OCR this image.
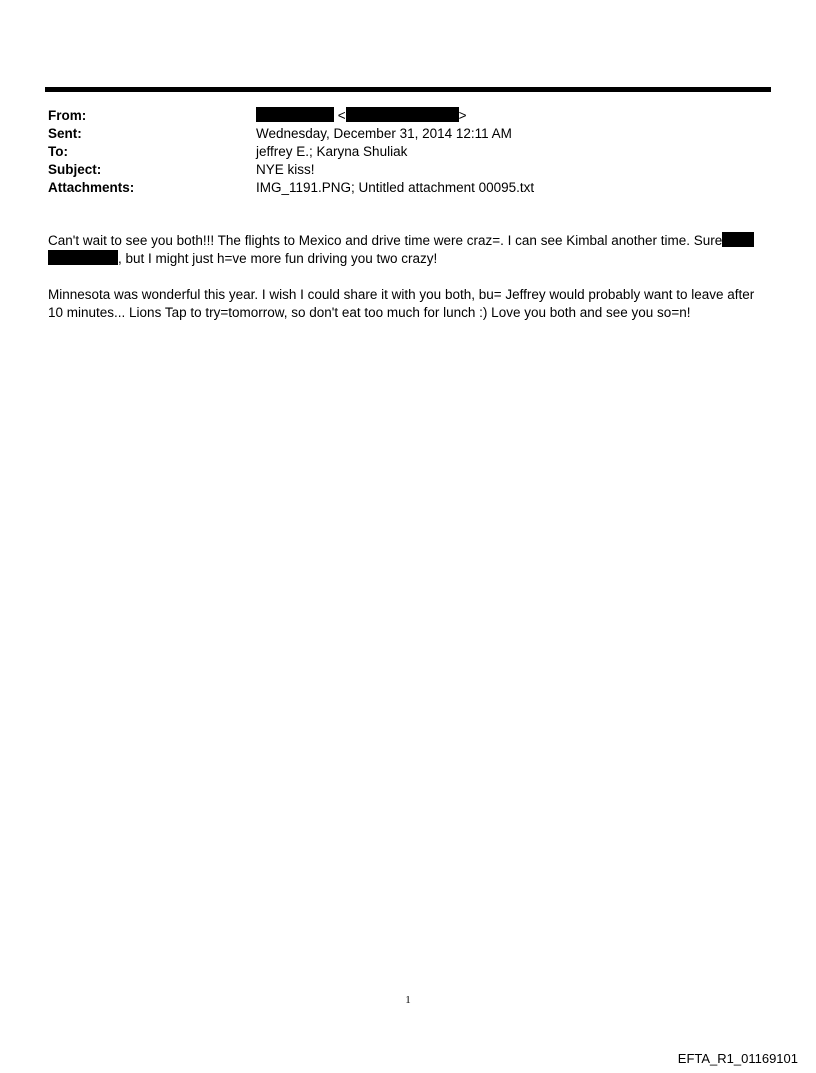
From:	<	>
Sent:	Wednesday, December 31, 2014 12:11 AM
To:	jeffrey E.; Karyna Shuliak
Subject:	NYE kiss!
Attachments:	IMG_1191.PNG; Untitled attachment 00095.txt

Can't wait to see you both!!! The flights to Mexico and drive time were craz=. I can see Kimbal another time. Sure
, but I might just h=ve more fun driving you two crazy!

Minnesota was wonderful this year. I wish I could share it with you both, bu= Jeffrey would probably want to leave after 10 minutes... Lions Tap to try=tomorrow, so don't eat too much for lunch :) Love you both and see you so=n!

1
EFTA_R1_01169101
